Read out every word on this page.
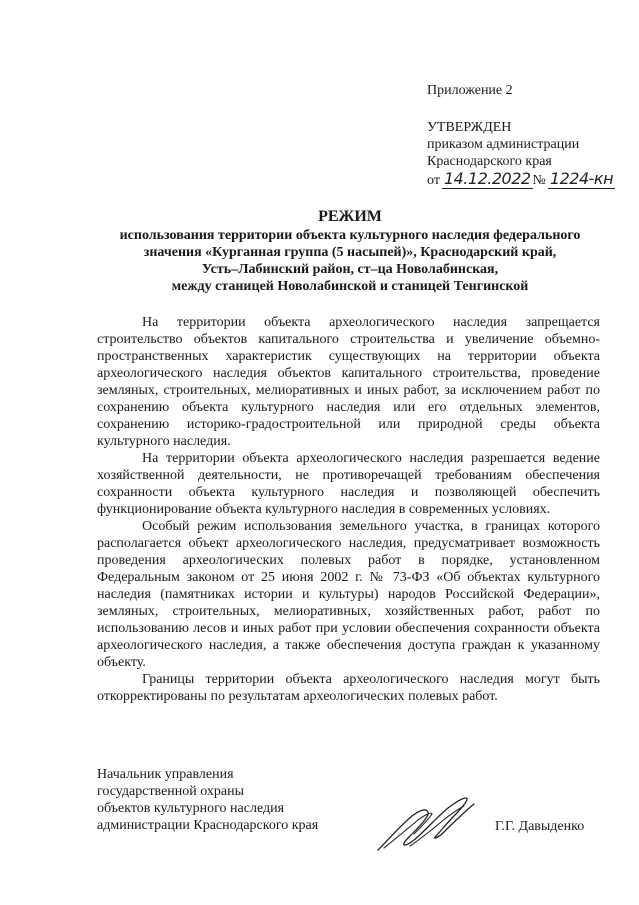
Приложение 2
УТВЕРЖДЕН
приказом администрации
Краснодарского края
от 14.12.2022 № 1224-кн
РЕЖИМ
использования территории объекта культурного наследия федерального
значения «Курганная группа (5 насыпей)», Краснодарский край,
Усть–Лабинский район, ст–ца Новолабинская,
между станицей Новолабинской и станицей Тенгинской

На территории объекта археологического наследия запрещается строительство объектов капитального строительства и увеличение объемно-пространственных характеристик существующих на территории объекта археологического наследия объектов капитального строительства, проведение земляных, строительных, мелиоративных и иных работ, за исключением работ по сохранению объекта культурного наследия или его отдельных элементов, сохранению историко-градостроительной или природной среды объекта культурного наследия.

На территории объекта археологического наследия разрешается ведение хозяйственной деятельности, не противоречащей требованиям обеспечения сохранности объекта культурного наследия и позволяющей обеспечить функционирование объекта культурного наследия в современных условиях.

Особый режим использования земельного участка, в границах которого располагается объект археологического наследия, предусматривает возможность проведения археологических полевых работ в порядке, установленном Федеральным законом от 25 июня 2002 г. № 73-ФЗ «Об объектах культурного наследия (памятниках истории и культуры) народов Российской Федерации», земляных, строительных, мелиоративных, хозяйственных работ, работ по использованию лесов и иных работ при условии обеспечения сохранности объекта археологического наследия, а также обеспечения доступа граждан к указанному объекту.

Границы территории объекта археологического наследия могут быть откорректированы по результатам археологических полевых работ.

Начальник управления
государственной охраны
объектов культурного наследия
администрации Краснодарского края	Г.Г. Давыденко
